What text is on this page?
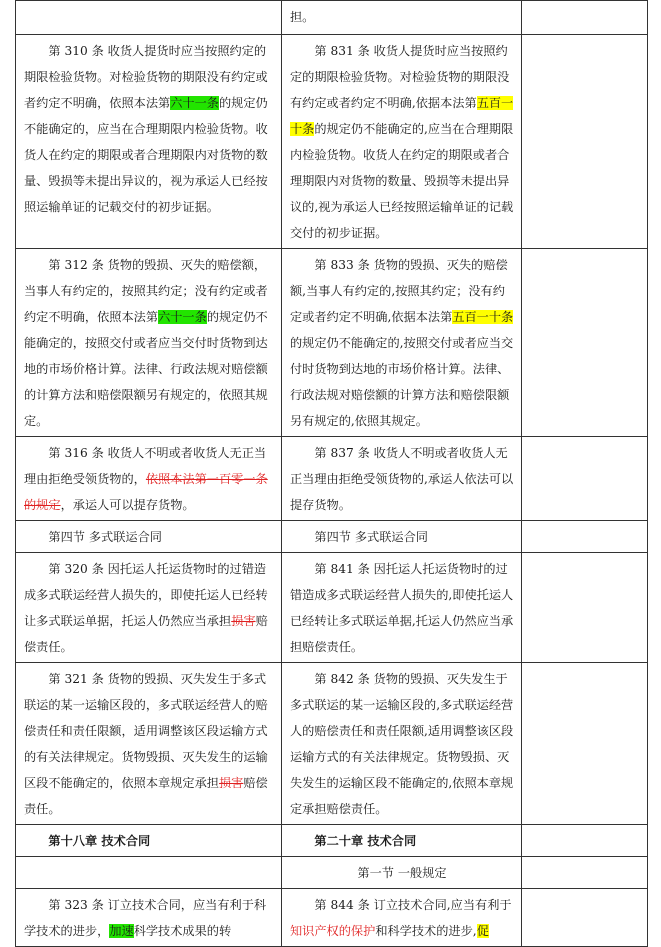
	担。	
第 310 条 收货人提货时应当按照约定的期限检验货物。对检验货物的期限没有约定或者约定不明确，依照本法第六十一条的规定仍不能确定的，应当在合理期限内检验货物。收货人在约定的期限或者合理期限内对货物的数量、毁损等未提出异议的，视为承运人已经按照运输单证的记载交付的初步证据。	第 831 条 收货人提货时应当按照约定的期限检验货物。对检验货物的期限没有约定或者约定不明确,依据本法第五百一十条的规定仍不能确定的,应当在合理期限内检验货物。收货人在约定的期限或者合理期限内对货物的数量、毁损等未提出异议的,视为承运人已经按照运输单证的记载交付的初步证据。	
第 312 条 货物的毁损、灭失的赔偿额，当事人有约定的，按照其约定；没有约定或者约定不明确，依照本法第六十一条的规定仍不能确定的，按照交付或者应当交付时货物到达地的市场价格计算。法律、行政法规对赔偿额的计算方法和赔偿限额另有规定的，依照其规定。	第 833 条 货物的毁损、灭失的赔偿额,当事人有约定的,按照其约定；没有约定或者约定不明确,依据本法第五百一十条的规定仍不能确定的,按照交付或者应当交付时货物到达地的市场价格计算。法律、行政法规对赔偿额的计算方法和赔偿限额另有规定的,依照其规定。	
第 316 条 收货人不明或者收货人无正当理由拒绝受领货物的，依照本法第一百零一条的规定，承运人可以提存货物。	第 837 条 收货人不明或者收货人无正当理由拒绝受领货物的,承运人依法可以提存货物。	
第四节 多式联运合同	第四节 多式联运合同	
第 320 条 因托运人托运货物时的过错造成多式联运经营人损失的，即使托运人已经转让多式联运单据，托运人仍然应当承担损害赔偿责任。	第 841 条 因托运人托运货物时的过错造成多式联运经营人损失的,即使托运人已经转让多式联运单据,托运人仍然应当承担赔偿责任。	
第 321 条 货物的毁损、灭失发生于多式联运的某一运输区段的，多式联运经营人的赔偿责任和责任限额，适用调整该区段运输方式的有关法律规定。货物毁损、灭失发生的运输区段不能确定的，依照本章规定承担损害赔偿责任。	第 842 条 货物的毁损、灭失发生于多式联运的某一运输区段的,多式联运经营人的赔偿责任和责任限额,适用调整该区段运输方式的有关法律规定。货物毁损、灭失发生的运输区段不能确定的,依照本章规定承担赔偿责任。	
第十八章 技术合同	第二十章 技术合同	
	第一节 一般规定	
第 323 条 订立技术合同，应当有利于科学技术的进步，加速科学技术成果的转	第 844 条 订立技术合同,应当有利于知识产权的保护和科学技术的进步,促	
